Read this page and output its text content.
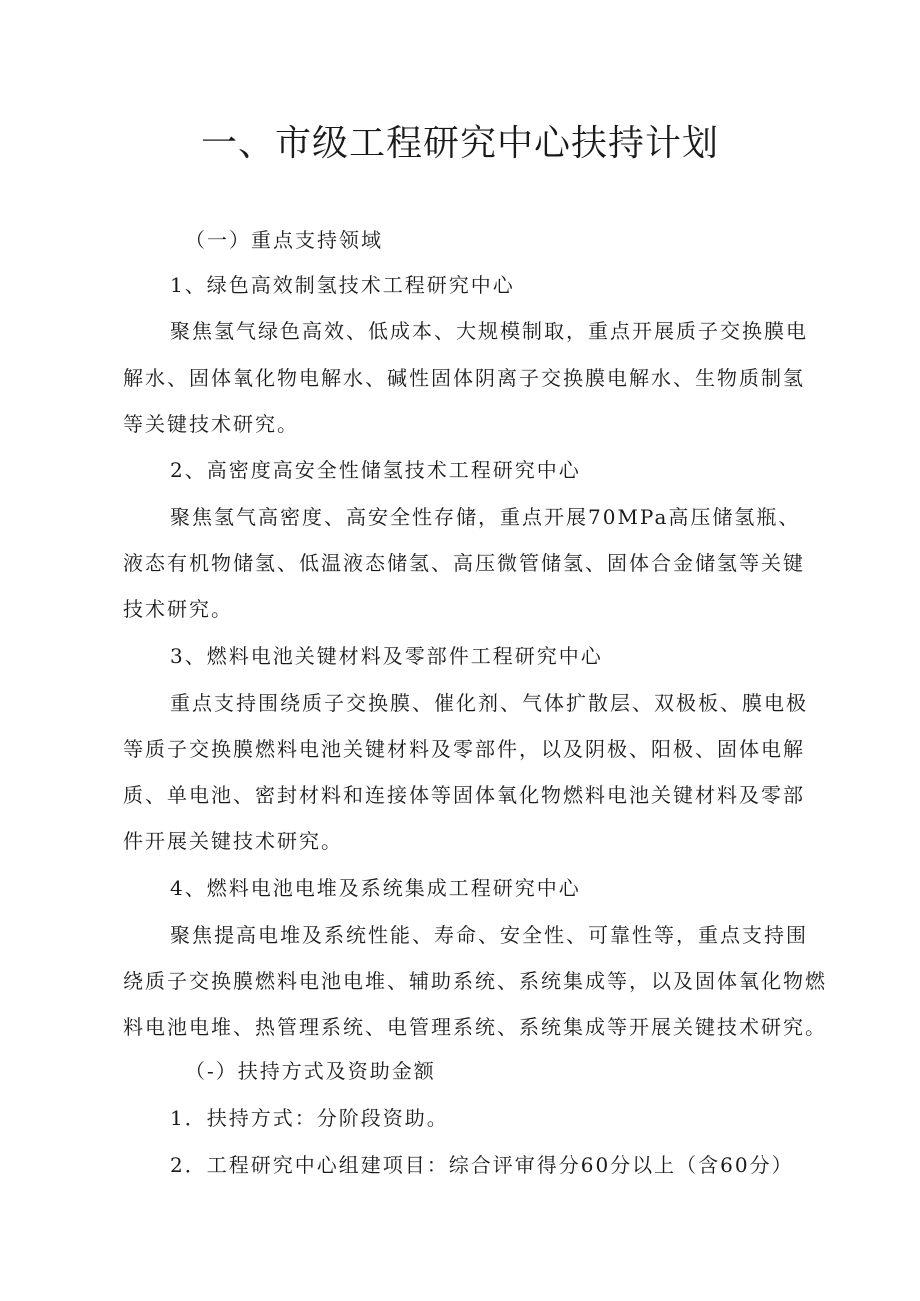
一、市级工程研究中心扶持计划

（一）重点支持领域

1、绿色高效制氢技术工程研究中心

聚焦氢气绿色高效、低成本、大规模制取，重点开展质子交换膜电

解水、固体氧化物电解水、碱性固体阴离子交换膜电解水、生物质制氢

等关键技术研究。

2、高密度高安全性储氢技术工程研究中心

聚焦氢气高密度、高安全性存储，重点开展70MPa高压储氢瓶、

液态有机物储氢、低温液态储氢、高压微管储氢、固体合金储氢等关键

技术研究。

3、燃料电池关键材料及零部件工程研究中心

重点支持围绕质子交换膜、催化剂、气体扩散层、双极板、膜电极

等质子交换膜燃料电池关键材料及零部件，以及阴极、阳极、固体电解

质、单电池、密封材料和连接体等固体氧化物燃料电池关键材料及零部

件开展关键技术研究。

4、燃料电池电堆及系统集成工程研究中心

聚焦提高电堆及系统性能、寿命、安全性、可靠性等，重点支持围

绕质子交换膜燃料电池电堆、辅助系统、系统集成等，以及固体氧化物燃

料电池电堆、热管理系统、电管理系统、系统集成等开展关键技术研究。

（-）扶持方式及资助金额

1．扶持方式：分阶段资助。

2．工程研究中心组建项目：综合评审得分60分以上（含60分）
